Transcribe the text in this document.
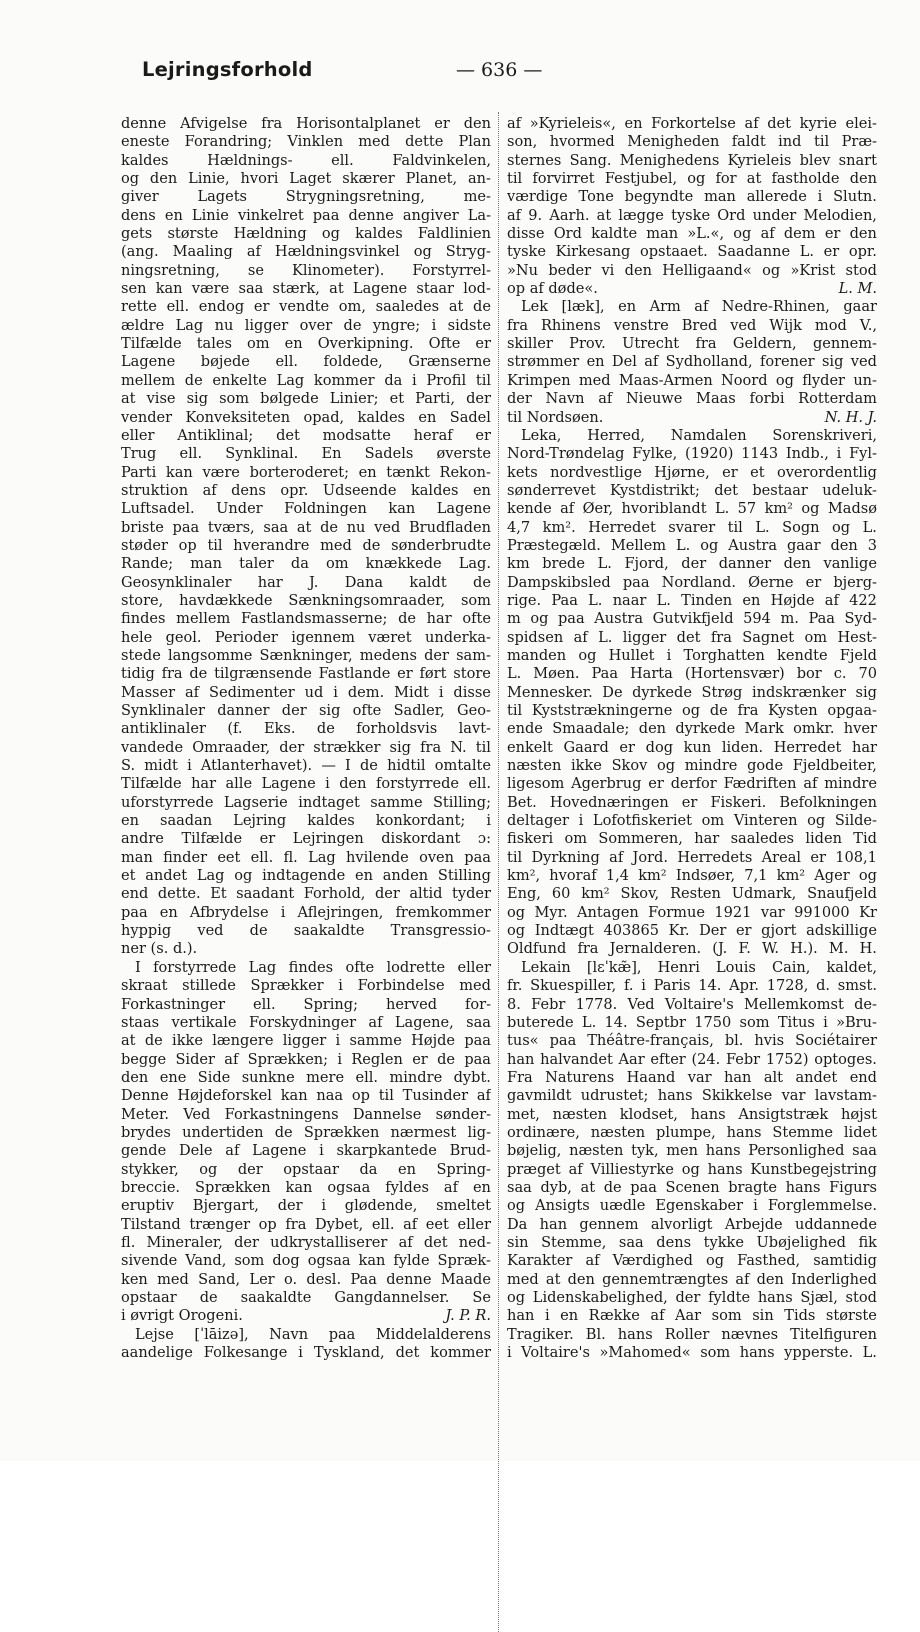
Lejringsforhold	— 636 —
denne Afvigelse fra Horisontalplanet er den
eneste Forandring; Vinklen med dette Plan
kaldes	Hældnings-	ell.	Faldvinkelen,
og den Linie, hvori Laget skærer Planet, an-
giver	Lagets	Strygningsretning,	me-
dens en Linie vinkelret paa denne angiver La-
gets største Hældning og kaldes Faldlinien
(ang. Maaling af Hældningsvinkel og Stryg-
ningsretning, se Klinometer). Forstyrrel-
sen kan være saa stærk, at Lagene staar lod-
rette ell. endog er vendte om, saaledes at de
ældre Lag nu ligger over de yngre; i sidste
Tilfælde tales om en Overkipning. Ofte er
Lagene bøjede ell. foldede, Grænserne
mellem de enkelte Lag kommer da i Profil til
at vise sig som bølgede Linier; et Parti, der
vender Konveksiteten opad, kaldes en Sadel
eller Antiklinal; det modsatte heraf er
Trug ell. Synklinal. En Sadels øverste
Parti kan være borteroderet; en tænkt Rekon-
struktion af dens opr. Udseende kaldes en
Luftsadel. Under Foldningen kan Lagene
briste paa tværs, saa at de nu ved Brudfladen
støder op til hverandre med de sønderbrudte
Rande; man taler da om knækkede Lag.
Geosynklinaler har J. Dana kaldt de
store, havdækkede Sænkningsomraader, som
findes mellem Fastlandsmasserne; de har ofte
hele geol. Perioder igennem været underka-
stede langsomme Sænkninger, medens der sam-
tidig fra de tilgrænsende Fastlande er ført store
Masser af Sedimenter ud i dem. Midt i disse
Synklinaler danner der sig ofte Sadler, Geo-
antiklinaler (f. Eks. de forholdsvis lavt-
vandede Omraader, der strækker sig fra N. til
S. midt i Atlanterhavet). — I de hidtil omtalte
Tilfælde har alle Lagene i den forstyrrede ell.
uforstyrrede Lagserie indtaget samme Stilling;
en saadan Lejring kaldes konkordant; i
andre Tilfælde er Lejringen diskordant ɔ:
man finder eet ell. fl. Lag hvilende oven paa
et andet Lag og indtagende en anden Stilling
end dette. Et saadant Forhold, der altid tyder
paa en Afbrydelse i Aflejringen, fremkommer
hyppig ved de saakaldte Transgressio-
ner (s. d.).
I forstyrrede Lag findes ofte lodrette eller
skraat stillede Sprækker i Forbindelse med
Forkastninger ell. Spring; herved for-
staas vertikale Forskydninger af Lagene, saa
at de ikke længere ligger i samme Højde paa
begge Sider af Sprækken; i Reglen er de paa
den ene Side sunkne mere ell. mindre dybt.
Denne Højdeforskel kan naa op til Tusinder af
Meter. Ved Forkastningens Dannelse sønder-
brydes undertiden de Sprækken nærmest lig-
gende Dele af Lagene i skarpkantede Brud-
stykker, og der opstaar da en Spring-
breccie. Sprækken kan ogsaa fyldes af en
eruptiv Bjergart, der i glødende, smeltet
Tilstand trænger op fra Dybet, ell. af eet eller
fl. Mineraler, der udkrystalliserer af det ned-
sivende Vand, som dog ogsaa kan fylde Spræk-
ken med Sand, Ler o. desl. Paa denne Maade
opstaar de saakaldte Gangdannelser. Se
i øvrigt Orogeni.	J. P. R.
Lejse [ˈlāizə], Navn paa Middelalderens
aandelige Folkesange i Tyskland, det kommer
af »Kyrieleis«, en Forkortelse af det kyrie elei-
son, hvormed Menigheden faldt ind til Præ-
sternes Sang. Menighedens Kyrieleis blev snart
til forvirret Festjubel, og for at fastholde den
værdige Tone begyndte man allerede i Slutn.
af 9. Aarh. at lægge tyske Ord under Melodien,
disse Ord kaldte man »L.«, og af dem er den
tyske Kirkesang opstaaet. Saadanne L. er opr.
»Nu beder vi den Helligaand« og »Krist stod
op af døde«.	L. M.
Lek [læk], en Arm af Nedre-Rhinen, gaar
fra Rhinens venstre Bred ved Wijk mod V.,
skiller Prov. Utrecht fra Geldern, gennem-
strømmer en Del af Sydholland, forener sig ved
Krimpen med Maas-Armen Noord og flyder un-
der Navn af Nieuwe Maas forbi Rotterdam
til Nordsøen.	N. H. J.
Leka, Herred, Namdalen Sorenskriveri,
Nord-Trøndelag Fylke, (1920) 1143 Indb., i Fyl-
kets nordvestlige Hjørne, er et overordentlig
sønderrevet Kystdistrikt; det bestaar udeluk-
kende af Øer, hvoriblandt L. 57 km² og Madsø
4,7 km². Herredet svarer til L. Sogn og L.
Præstegæld. Mellem L. og Austra gaar den 3
km brede L. Fjord, der danner den vanlige
Dampskibsled paa Nordland. Øerne er bjerg-
rige. Paa L. naar L. Tinden en Højde af 422
m og paa Austra Gutvikfjeld 594 m. Paa Syd-
spidsen af L. ligger det fra Sagnet om Hest-
manden og Hullet i Torghatten kendte Fjeld
L. Møen. Paa Harta (Hortensvær) bor c. 70
Mennesker. De dyrkede Strøg indskrænker sig
til Kyststrækningerne og de fra Kysten opgaa-
ende Smaadale; den dyrkede Mark omkr. hver
enkelt Gaard er dog kun liden. Herredet har
næsten ikke Skov og mindre gode Fjeldbeiter,
ligesom Agerbrug er derfor Fædriften af mindre
Bet. Hovednæringen er Fiskeri. Befolkningen
deltager i Lofotfiskeriet om Vinteren og Silde-
fiskeri om Sommeren, har saaledes liden Tid
til Dyrkning af Jord. Herredets Areal er 108,1
km², hvoraf 1,4 km² Indsøer, 7,1 km² Ager og
Eng, 60 km² Skov, Resten Udmark, Snaufjeld
og Myr. Antagen Formue 1921 var 991000 Kr
og Indtægt 403865 Kr. Der er gjort adskillige
Oldfund fra Jernalderen. (J. F. W. H.). M. H.
Lekain [lɛˈkæ̃], Henri Louis Cain, kaldet,
fr. Skuespiller, f. i Paris 14. Apr. 1728, d. smst.
8. Febr 1778. Ved Voltaire's Mellemkomst de-
buterede L. 14. Septbr 1750 som Titus i »Bru-
tus« paa Théâtre-français, bl. hvis Sociétairer
han halvandet Aar efter (24. Febr 1752) optoges.
Fra Naturens Haand var han alt andet end
gavmildt udrustet; hans Skikkelse var lavstam-
met, næsten klodset, hans Ansigtstræk højst
ordinære, næsten plumpe, hans Stemme lidet
bøjelig, næsten tyk, men hans Personlighed saa
præget af Villiestyrke og hans Kunstbegejstring
saa dyb, at de paa Scenen bragte hans Figurs
og Ansigts uædle Egenskaber i Forglemmelse.
Da han gennem alvorligt Arbejde uddannede
sin Stemme, saa dens tykke Ubøjelighed fik
Karakter af Værdighed og Fasthed, samtidig
med at den gennemtrængtes af den Inderlighed
og Lidenskabelighed, der fyldte hans Sjæl, stod
han i en Række af Aar som sin Tids største
Tragiker. Bl. hans Roller nævnes Titelfiguren
i Voltaire's »Mahomed« som hans ypperste. L.
